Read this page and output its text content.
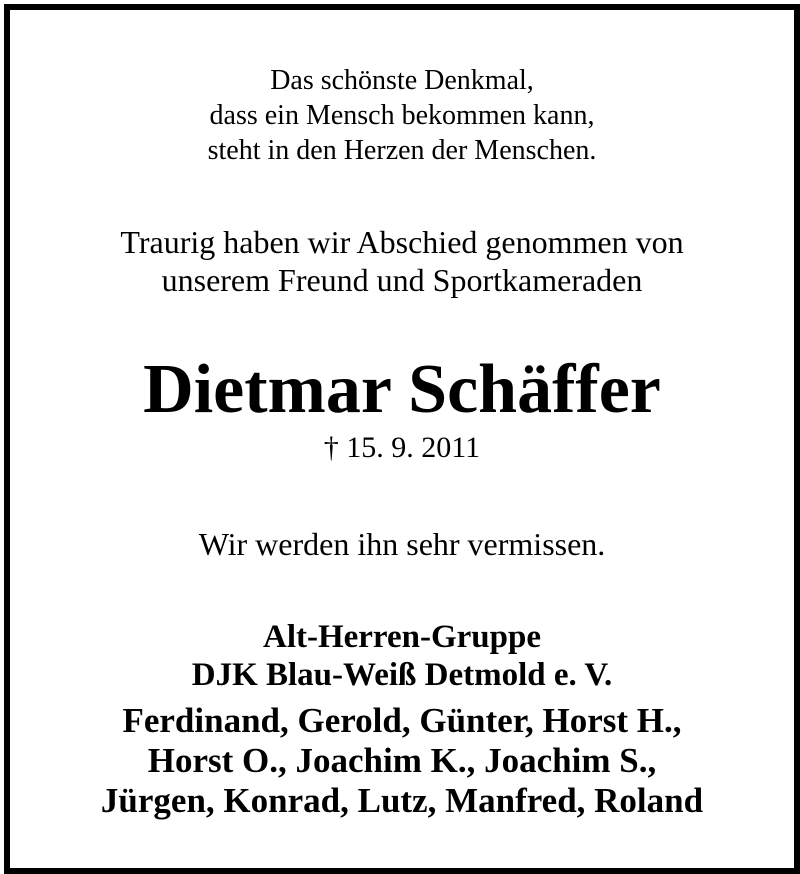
Das schönste Denkmal,
dass ein Mensch bekommen kann,
steht in den Herzen der Menschen.
Traurig haben wir Abschied genommen von
unserem Freund und Sportkameraden
Dietmar Schäffer
† 15. 9. 2011
Wir werden ihn sehr vermissen.
Alt-Herren-Gruppe
DJK Blau-Weiß Detmold e. V.
Ferdinand, Gerold, Günter, Horst H.,
Horst O., Joachim K., Joachim S.,
Jürgen, Konrad, Lutz, Manfred, Roland
